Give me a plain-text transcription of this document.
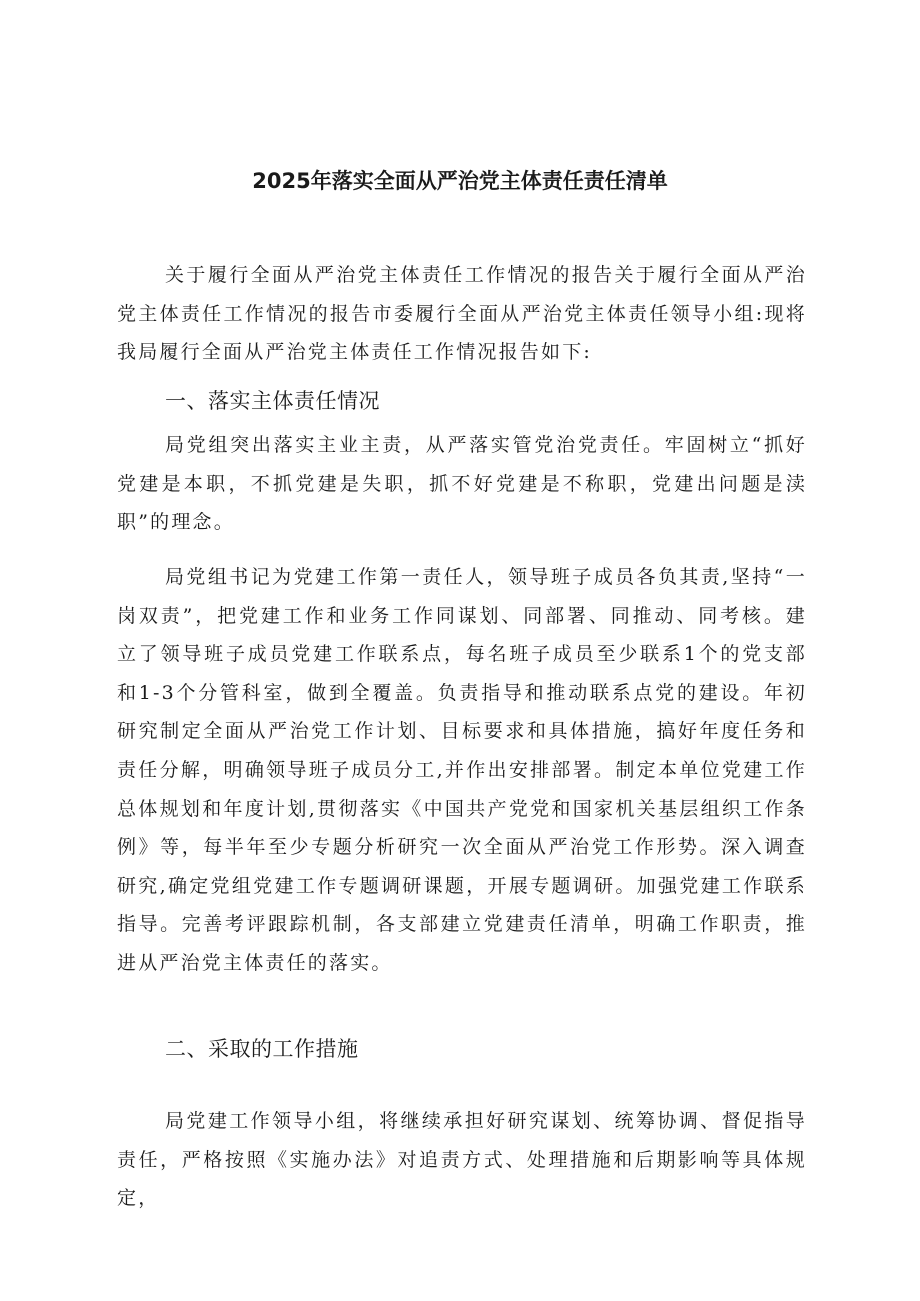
2025年落实全面从严治党主体责任责任清单

关于履行全面从严治党主体责任工作情况的报告关于履行全面从严治党主体责任工作情况的报告市委履行全面从严治党主体责任领导小组:现将我局履行全面从严治党主体责任工作情况报告如下:

一、落实主体责任情况

局党组突出落实主业主责，从严落实管党治党责任。牢固树立“抓好党建是本职，不抓党建是失职，抓不好党建是不称职，党建出问题是渎职”的理念。

局党组书记为党建工作第一责任人，领导班子成员各负其责,坚持“一岗双责”，把党建工作和业务工作同谋划、同部署、同推动、同考核。建立了领导班子成员党建工作联系点，每名班子成员至少联系1个的党支部和1-3个分管科室，做到全覆盖。负责指导和推动联系点党的建设。年初研究制定全面从严治党工作计划、目标要求和具体措施，搞好年度任务和责任分解，明确领导班子成员分工,并作出安排部署。制定本单位党建工作总体规划和年度计划,贯彻落实《中国共产党党和国家机关基层组织工作条例》等，每半年至少专题分析研究一次全面从严治党工作形势。深入调查研究,确定党组党建工作专题调研课题，开展专题调研。加强党建工作联系指导。完善考评跟踪机制，各支部建立党建责任清单，明确工作职责，推进从严治党主体责任的落实。

二、采取的工作措施

局党建工作领导小组，将继续承担好研究谋划、统筹协调、督促指导责任，严格按照《实施办法》对追责方式、处理措施和后期影响等具体规定，
